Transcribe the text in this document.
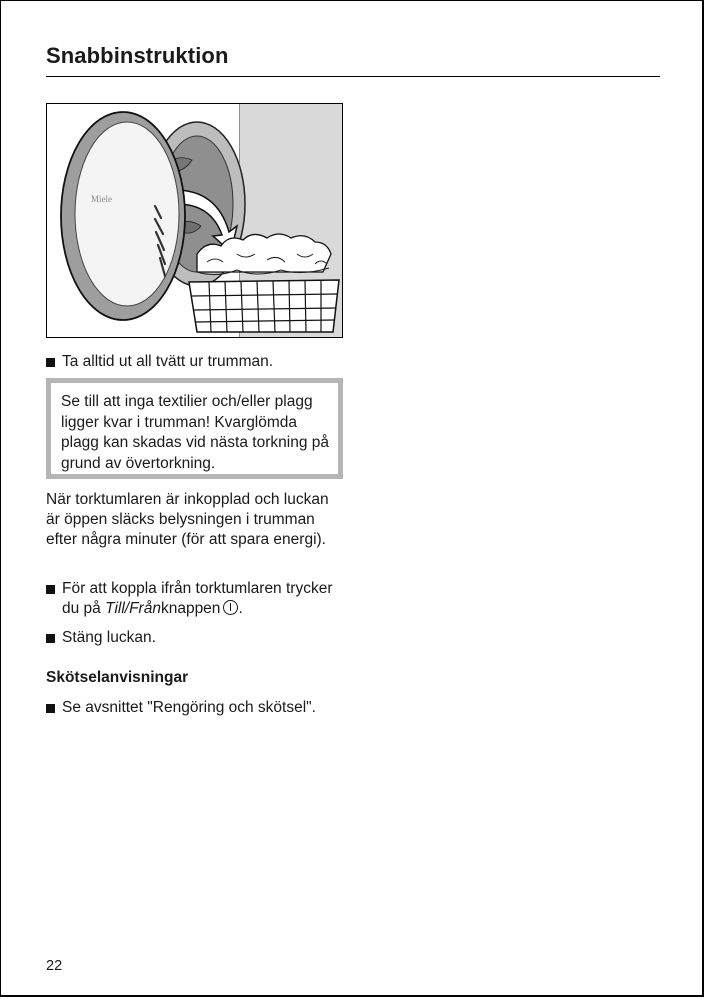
Snabbinstruktion
Miele
Ta alltid ut all tvätt ur trumman.
Se till att inga textilier och/eller plagg ligger kvar i trumman! Kvarglömda plagg kan skadas vid nästa torkning på grund av övertorkning.
När torktumlaren är inkopplad och luckan är öppen släcks belysningen i trumman efter några minuter (för att spara energi).
För att koppla ifrån torktumlaren trycker du på Till/Frånknappen .
Stäng luckan.
Skötselanvisningar
Se avsnittet "Rengöring och skötsel".
22
